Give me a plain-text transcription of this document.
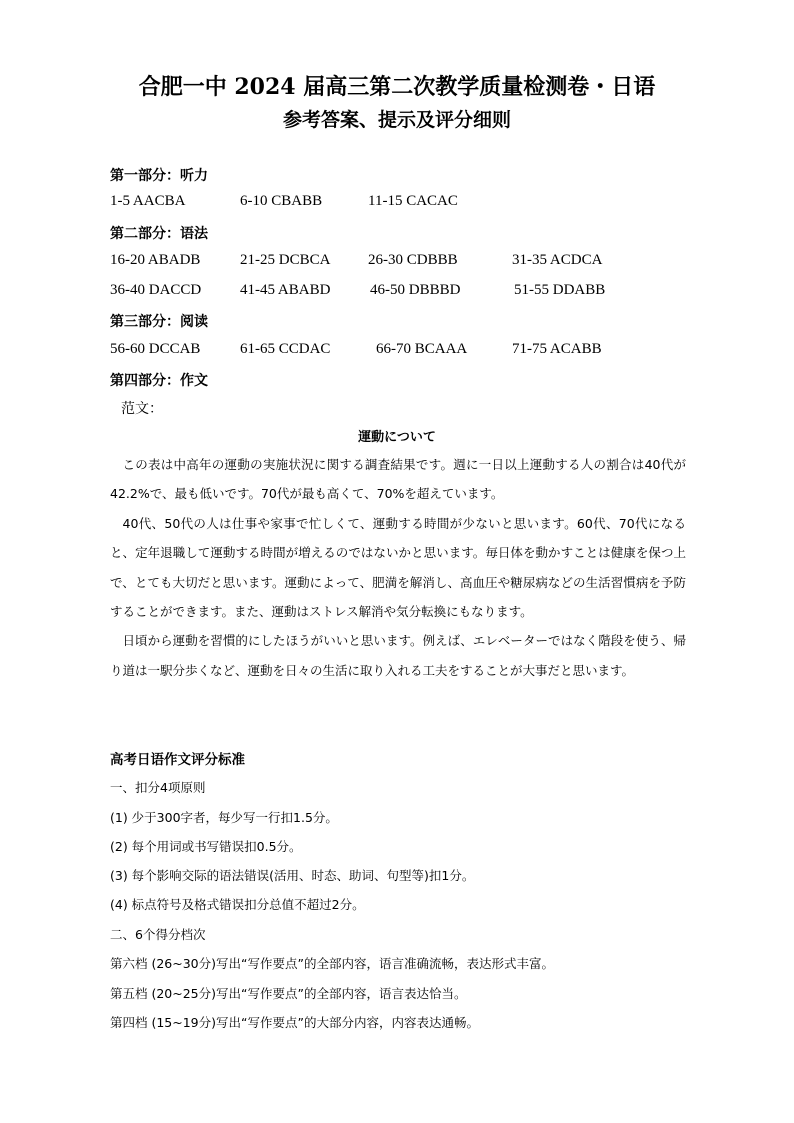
合肥一中 2024 届高三第二次教学质量检测卷・日语
参考答案、提示及评分细则
第一部分：听力
1-5 AACBA	6-10 CBABB	11-15 CACAC
第二部分：语法
16-20 ABADB	21-25 DCBCA	26-30 CDBBB	31-35 ACDCA
36-40 DACCD	41-45 ABABD	46-50 DBBBD	51-55 DDABB
第三部分：阅读
56-60 DCCAB	61-65 CCDAC	66-70 BCAAA	71-75 ACABB
第四部分：作文
范文：
運動について

この表は中高年の運動の実施状況に関する調査結果です。週に一日以上運動する人の割合は40代が42.2%で、最も低いです。70代が最も高くて、70%を超えています。

40代、50代の人は仕事や家事で忙しくて、運動する時間が少ないと思います。60代、70代になると、定年退職して運動する時間が増えるのではないかと思います。毎日体を動かすことは健康を保つ上で、とても大切だと思います。運動によって、肥満を解消し、高血圧や糖尿病などの生活習慣病を予防することができます。また、運動はストレス解消や気分転換にもなります。

日頃から運動を習慣的にしたほうがいいと思います。例えば、エレベーターではなく階段を使う、帰り道は一駅分歩くなど、運動を日々の生活に取り入れる工夫をすることが大事だと思います。

高考日语作文评分标准
一、扣分4项原则
(1) 少于300字者，每少写一行扣1.5分。
(2) 每个用词或书写错误扣0.5分。
(3) 每个影响交际的语法错误(活用、时态、助词、句型等)扣1分。
(4) 标点符号及格式错误扣分总值不超过2分。
二、6个得分档次
第六档 (26~30分)写出“写作要点”的全部内容，语言准确流畅，表达形式丰富。
第五档 (20~25分)写出“写作要点”的全部内容，语言表达恰当。
第四档 (15~19分)写出“写作要点”的大部分内容，内容表达通畅。
